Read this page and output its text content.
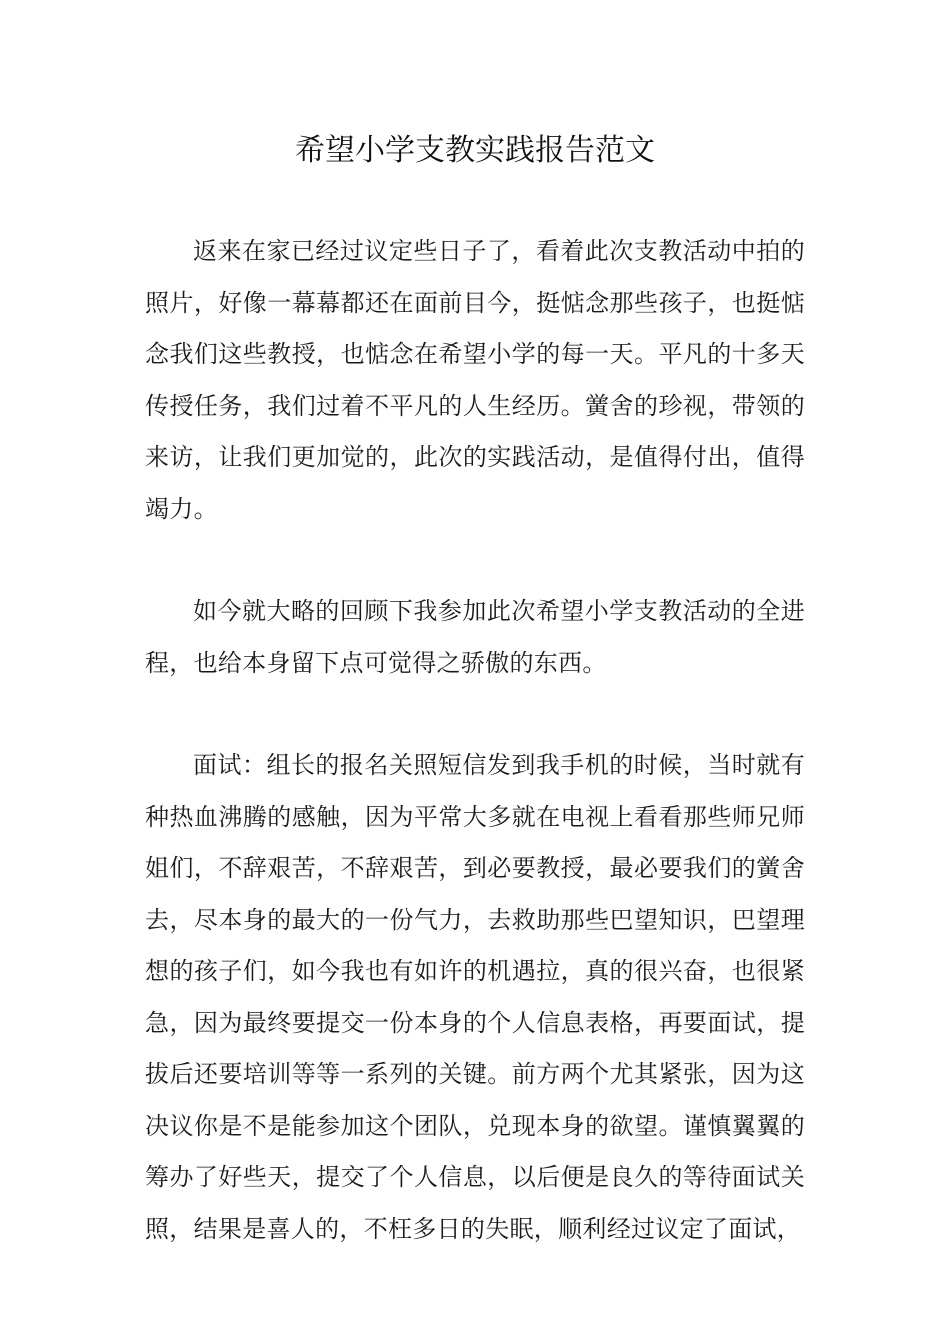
希望小学支教实践报告范文

返来在家已经过议定些日子了，看着此次支教活动中拍的照片，好像一幕幕都还在面前目今，挺惦念那些孩子，也挺惦念我们这些教授，也惦念在希望小学的每一天。平凡的十多天传授任务，我们过着不平凡的人生经历。黉舍的珍视，带领的来访，让我们更加觉的，此次的实践活动，是值得付出，值得竭力。

如今就大略的回顾下我参加此次希望小学支教活动的全进程，也给本身留下点可觉得之骄傲的东西。

面试：组长的报名关照短信发到我手机的时候，当时就有种热血沸腾的感触，因为平常大多就在电视上看看那些师兄师姐们，不辞艰苦，不辞艰苦，到必要教授，最必要我们的黉舍去，尽本身的最大的一份气力，去救助那些巴望知识，巴望理想的孩子们，如今我也有如许的机遇拉，真的很兴奋，也很紧急，因为最终要提交一份本身的个人信息表格，再要面试，提拔后还要培训等等一系列的关键。前方两个尤其紧张，因为这决议你是不是能参加这个团队，兑现本身的欲望。谨慎翼翼的筹办了好些天，提交了个人信息，以后便是良久的等待面试关照，结果是喜人的，不枉多日的失眠，顺利经过议定了面试，
